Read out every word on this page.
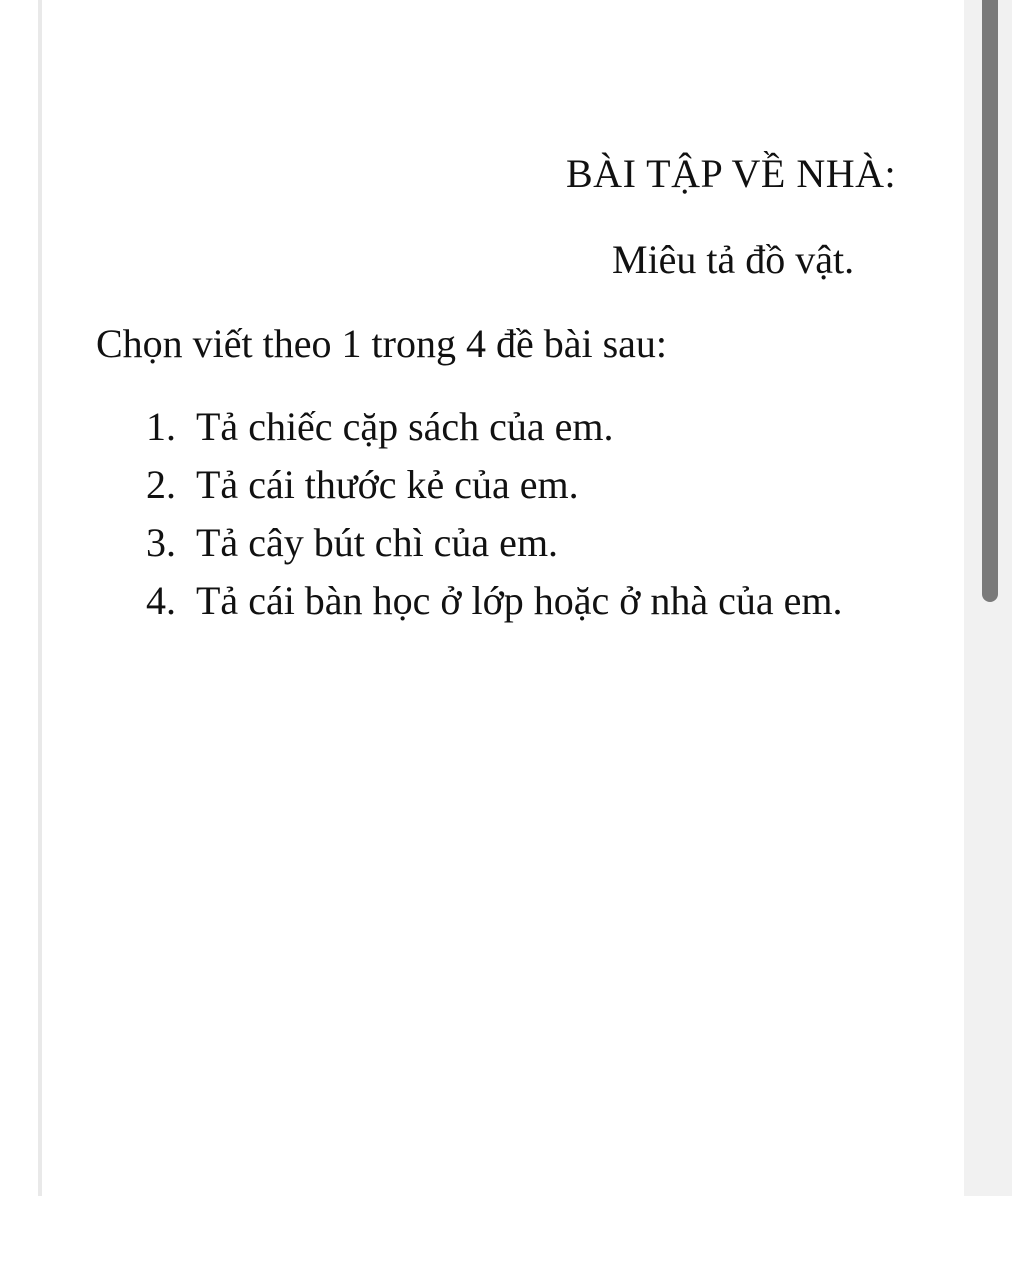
BÀI TẬP VỀ NHÀ:
Miêu tả đồ vật.
Chọn viết theo 1 trong 4 đề bài sau:
1. Tả chiếc cặp sách của em.
2. Tả cái thước kẻ của em.
3. Tả cây bút chì của em.
4. Tả cái bàn học ở lớp hoặc ở nhà của em.
